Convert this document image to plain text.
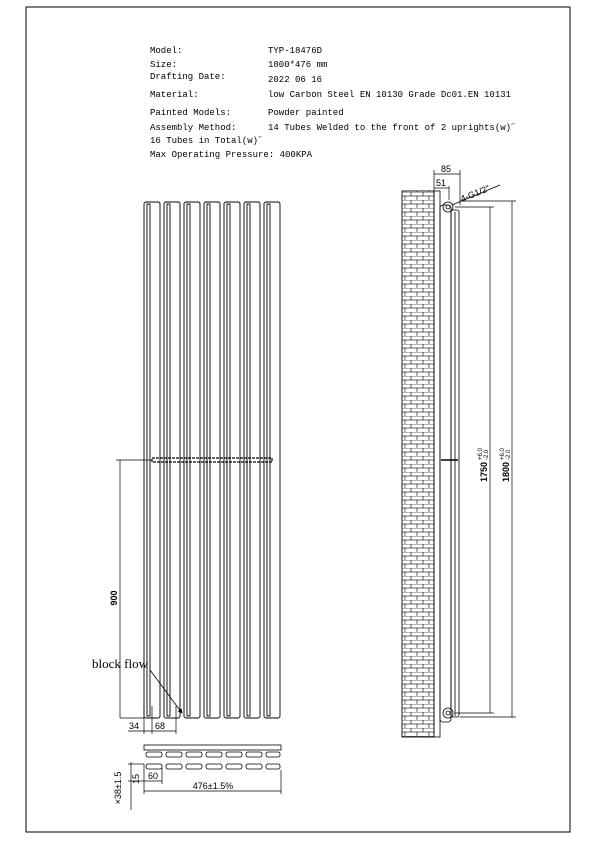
900
34 68
block flow
60
15
476±1.5%
×38±1.5
85
51
4-G1/2"
1750
+6.0 -2.0
1800
+6.0 -2.0
Model:	TYP-18476D
Size:	1800*476 mm
Drafting Date:	2022 06 16
Material:	low Carbon Steel EN 10130 Grade Dc01.EN 10131
Painted Models:	Powder painted
Assembly Method:	14 Tubes Welded to the front of 2 uprights(w)˝
16 Tubes in Total(w)˝
Max Operating Pressure: 400KPA
